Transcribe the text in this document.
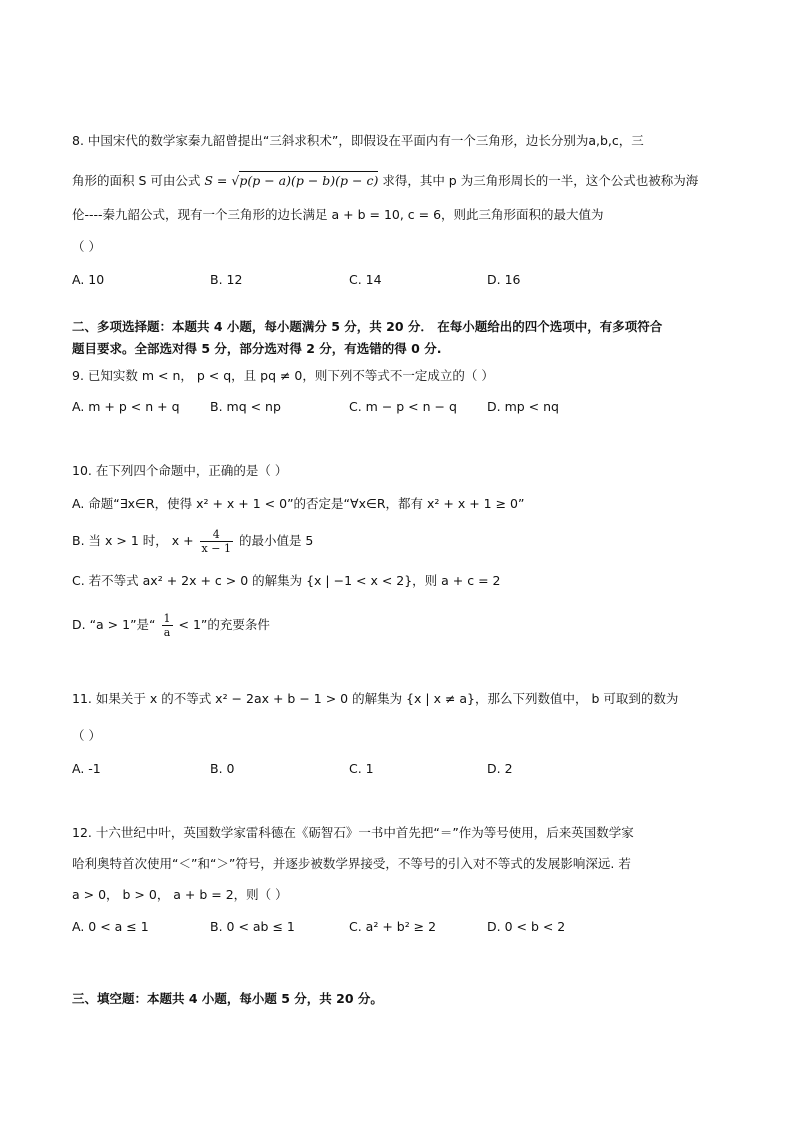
8. 中国宋代的数学家秦九韶曾提出“三斜求积术”，即假设在平面内有一个三角形，边长分别为a,b,c，三
角形的面积 S 可由公式 S = √p(p − a)(p − b)(p − c) 求得，其中 p 为三角形周长的一半，这个公式也被称为海
伦----秦九韶公式，现有一个三角形的边长满足 a + b = 10, c = 6，则此三角形面积的最大值为
（ ）
A. 10	B. 12	C. 14	D. 16
二、多项选择题：本题共 4 小题，每小题满分 5 分，共 20 分． 在每小题给出的四个选项中，有多项符合
题目要求。全部选对得 5 分，部分选对得 2 分，有选错的得 0 分.
9. 已知实数 m < n， p < q，且 pq ≠ 0，则下列不等式不一定成立的（ ）
A. m + p < n + q B. mq < np	C. m − p < n − q D. mp < nq
10. 在下列四个命题中，正确的是（ ）
A. 命题“∃x∈R，使得 x² + x + 1 < 0”的否定是“∀x∈R，都有 x² + x + 1 ≥ 0”
B. 当 x > 1 时， $x + \frac{4}{x - 1}$ 的最小值是 5
C. 若不等式 ax² + 2x + c > 0 的解集为 {x | −1 < x < 2}，则 a + c = 2
D. “a > 1”是“ $\frac{1}{a} < 1$”的充要条件
11. 如果关于 x 的不等式 x² − 2ax + b − 1 > 0 的解集为 {x | x ≠ a}，那么下列数值中， b 可取到的数为
（ ）
A. -1	B. 0	C. 1	D. 2
12. 十六世纪中叶，英国数学家雷科德在《砺智石》一书中首先把“＝”作为等号使用，后来英国数学家
哈利奥特首次使用“＜”和“＞”符号，并逐步被数学界接受，不等号的引入对不等式的发展影响深远. 若
a > 0， b > 0， a + b = 2，则（ ）
A. 0 < a ≤ 1	B. 0 < ab ≤ 1	C. a² + b² ≥ 2	D. 0 < b < 2
三、填空题：本题共 4 小题，每小题 5 分，共 20 分。
